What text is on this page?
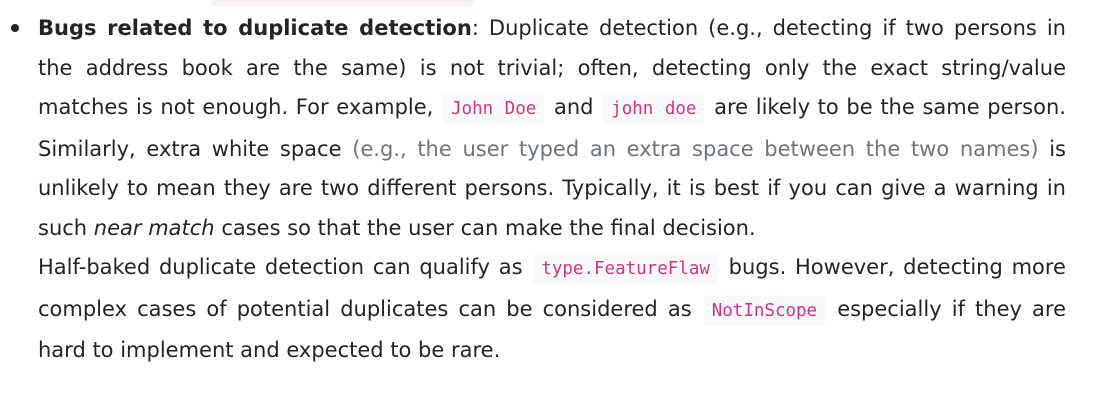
Bugs related to duplicate detection: Duplicate detection (e.g., detecting if two persons in the address book are the same) is not trivial; often, detecting only the exact string/value matches is not enough. For example, John Doe and john doe are likely to be the same person. Similarly, extra white space (e.g., the user typed an extra space between the two names) is unlikely to mean they are two different persons. Typically, it is best if you can give a warning in such near match cases so that the user can make the final decision.

Half-baked duplicate detection can qualify as type.FeatureFlaw bugs. However, detecting more complex cases of potential duplicates can be considered as NotInScope especially if they are hard to implement and expected to be rare.
